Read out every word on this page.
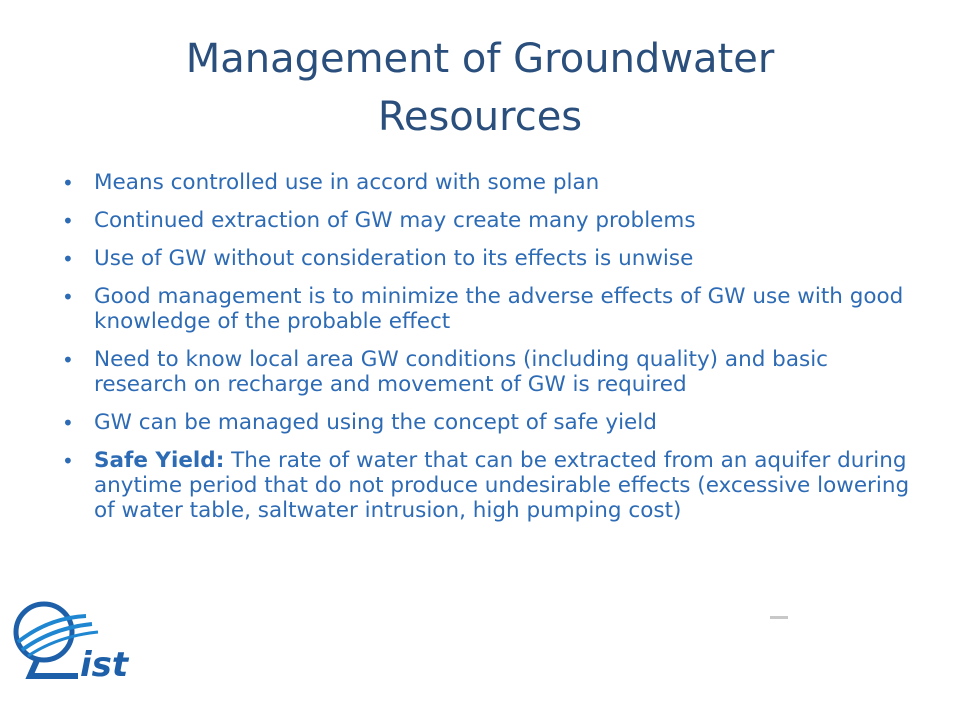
Management of Groundwater Resources
• Means controlled use in accord with some plan
• Continued extraction of GW may create many problems
• Use of GW without consideration to its effects is unwise
• Good management is to minimize the adverse effects of GW use with good knowledge of the probable effect
• Need to know local area GW conditions (including quality) and basic research on recharge and movement of GW is required
• GW can be managed using the concept of safe yield
• Safe Yield: The rate of water that can be extracted from an aquifer during anytime period that do not produce undesirable effects (excessive lowering of water table, saltwater intrusion, high pumping cost)
ist
